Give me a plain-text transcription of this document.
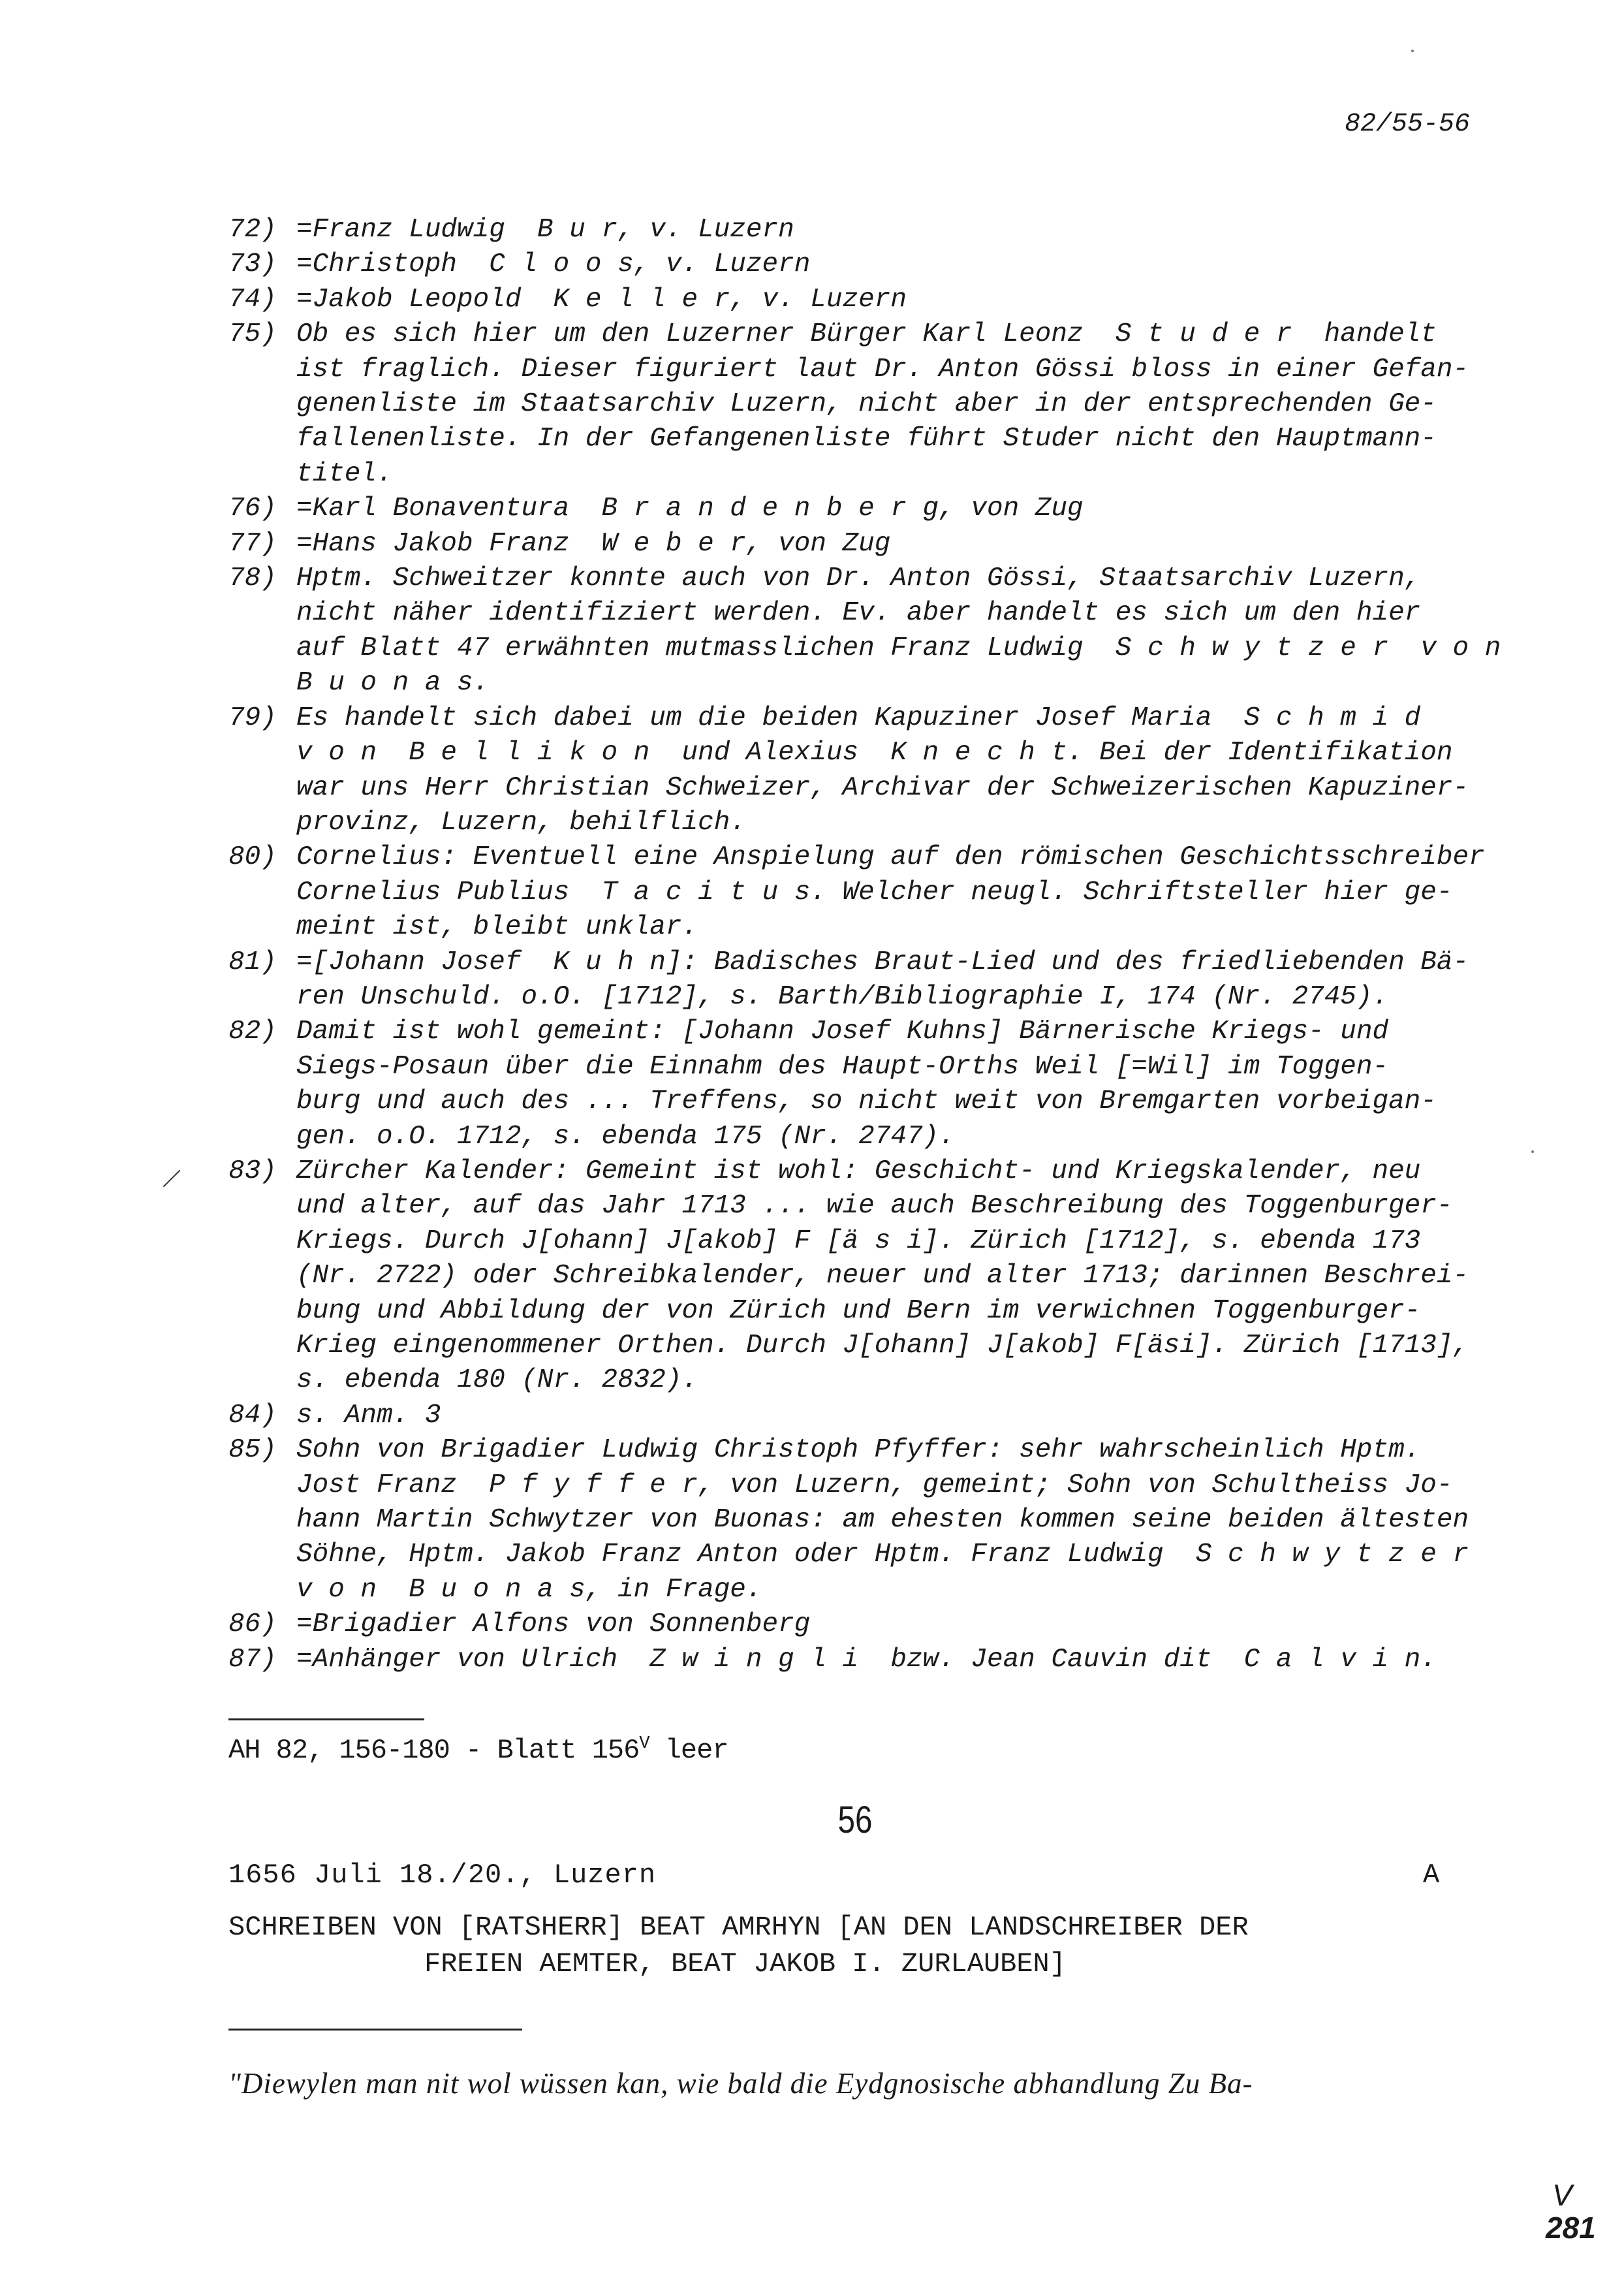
82/55-56
72) =Franz Ludwig  B u r, v. Luzern
73) =Christoph  C l o o s, v. Luzern
74) =Jakob Leopold  K e l l e r, v. Luzern
75) Ob es sich hier um den Luzerner Bürger Karl Leonz  S t u d e r  handelt
ist fraglich. Dieser figuriert laut Dr. Anton Gössi bloss in einer Gefan-
genenliste im Staatsarchiv Luzern, nicht aber in der entsprechenden Ge-
fallenenliste. In der Gefangenenliste führt Studer nicht den Hauptmann-
titel.
76) =Karl Bonaventura  B r a n d e n b e r g, von Zug
77) =Hans Jakob Franz  W e b e r, von Zug
78) Hptm. Schweitzer konnte auch von Dr. Anton Gössi, Staatsarchiv Luzern,
nicht näher identifiziert werden. Ev. aber handelt es sich um den hier
auf Blatt 47 erwähnten mutmasslichen Franz Ludwig  S c h w y t z e r  v o n
B u o n a s.
79) Es handelt sich dabei um die beiden Kapuziner Josef Maria  S c h m i d
v o n  B e l l i k o n  und Alexius  K n e c h t. Bei der Identifikation
war uns Herr Christian Schweizer, Archivar der Schweizerischen Kapuziner-
provinz, Luzern, behilflich.
80) Cornelius: Eventuell eine Anspielung auf den römischen Geschichtsschreiber
Cornelius Publius  T a c i t u s. Welcher neugl. Schriftsteller hier ge-
meint ist, bleibt unklar.
81) =[Johann Josef  K u h n]: Badisches Braut-Lied und des friedliebenden Bä-
ren Unschuld. o.O. [1712], s. Barth/Bibliographie I, 174 (Nr. 2745).
82) Damit ist wohl gemeint: [Johann Josef Kuhns] Bärnerische Kriegs- und
Siegs-Posaun über die Einnahm des Haupt-Orths Weil [=Wil] im Toggen-
burg und auch des ... Treffens, so nicht weit von Bremgarten vorbeigan-
gen. o.O. 1712, s. ebenda 175 (Nr. 2747).
83) Zürcher Kalender: Gemeint ist wohl: Geschicht- und Kriegskalender, neu
und alter, auf das Jahr 1713 ... wie auch Beschreibung des Toggenburger-
Kriegs. Durch J[ohann] J[akob] F [ä s i]. Zürich [1712], s. ebenda 173
(Nr. 2722) oder Schreibkalender, neuer und alter 1713; darinnen Beschrei-
bung und Abbildung der von Zürich und Bern im verwichnen Toggenburger-
Krieg eingenommener Orthen. Durch J[ohann] J[akob] F[äsi]. Zürich [1713],
s. ebenda 180 (Nr. 2832).
84) s. Anm. 3
85) Sohn von Brigadier Ludwig Christoph Pfyffer: sehr wahrscheinlich Hptm.
Jost Franz  P f y f f e r, von Luzern, gemeint; Sohn von Schultheiss Jo-
hann Martin Schwytzer von Buonas: am ehesten kommen seine beiden ältesten
Söhne, Hptm. Jakob Franz Anton oder Hptm. Franz Ludwig  S c h w y t z e r
v o n  B u o n a s, in Frage.
86) =Brigadier Alfons von Sonnenberg
87) =Anhänger von Ulrich  Z w i n g l i  bzw. Jean Cauvin dit  C a l v i n.
AH 82, 156-180 - Blatt $156^V$ leer
56
1656 Juli 18./20., Luzern	A
SCHREIBEN VON [RATSHERR] BEAT AMRHYN [AN DEN LANDSCHREIBER DER
FREIEN AEMTER, BEAT JAKOB I. ZURLAUBEN]
"Diewylen man nit wol wüssen kan, wie bald die Eydgnosische abhandlung Zu Ba-
V
281
